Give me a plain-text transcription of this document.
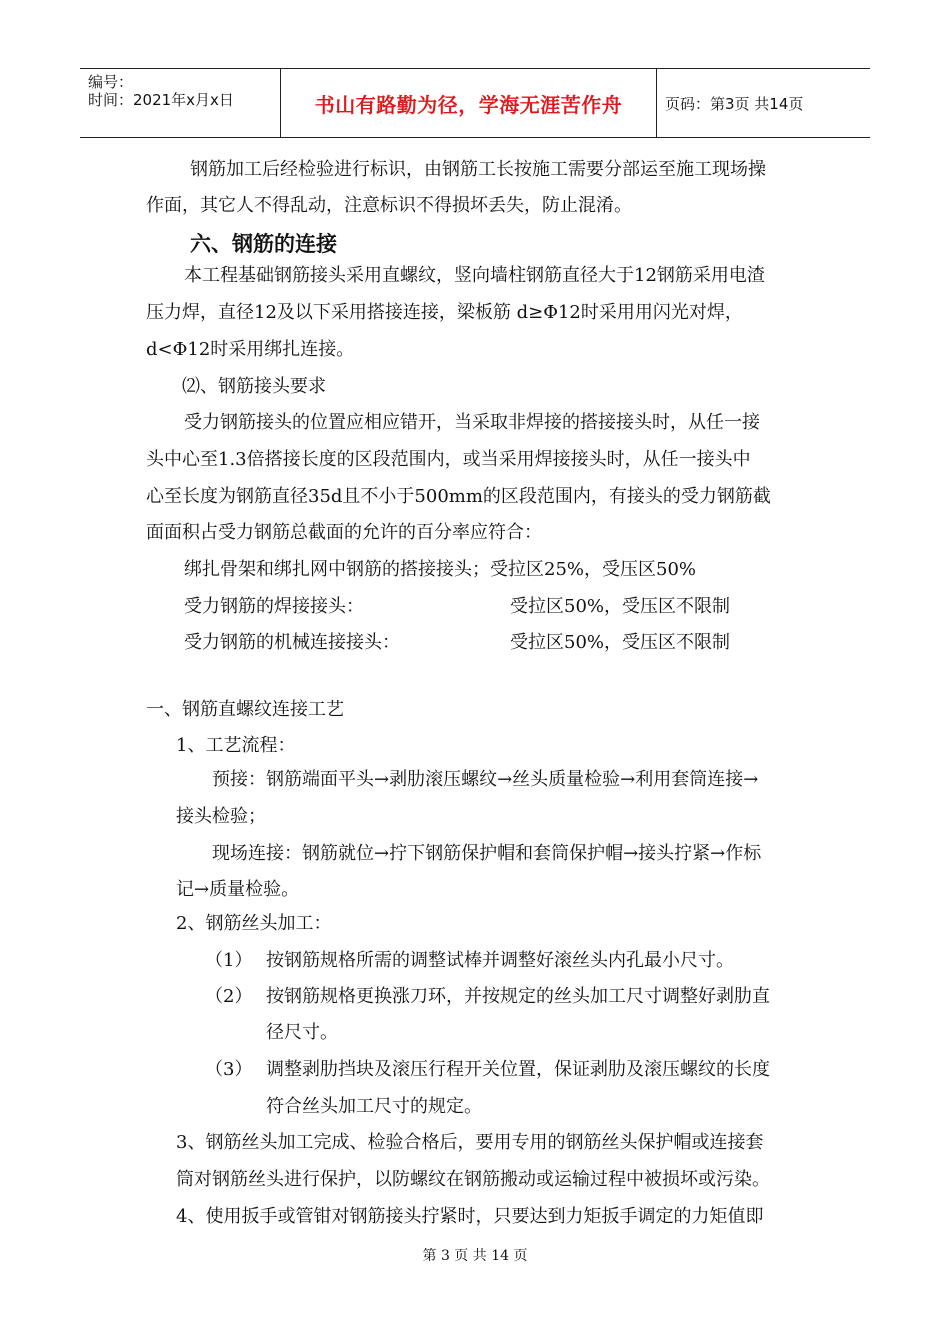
编号：
时间：2021年x月x日	书山有路勤为径，学海无涯苦作舟	页码：第3页 共14页
钢筋加工后经检验进行标识，由钢筋工长按施工需要分部运至施工现场操
作面，其它人不得乱动，注意标识不得损坏丢失，防止混淆。
六、钢筋的连接
本工程基础钢筋接头采用直螺纹，竖向墙柱钢筋直径大于12钢筋采用电渣
压力焊，直径12及以下采用搭接连接，梁板筋 d≥Φ12时采用用闪光对焊，
d<Φ12时采用绑扎连接。
⑵、钢筋接头要求
受力钢筋接头的位置应相应错开，当采取非焊接的搭接接头时，从任一接
头中心至1.3倍搭接长度的区段范围内，或当采用焊接接头时，从任一接头中
心至长度为钢筋直径35d且不小于500mm的区段范围内，有接头的受力钢筋截
面面积占受力钢筋总截面的允许的百分率应符合：
绑扎骨架和绑扎网中钢筋的搭接接头；受拉区25%，受压区50%
受力钢筋的焊接接头：	受拉区50%，受压区不限制
受力钢筋的机械连接接头：	受拉区50%，受压区不限制
一、钢筋直螺纹连接工艺
1、工艺流程：
预接：钢筋端面平头→剥肋滚压螺纹→丝头质量检验→利用套筒连接→
接头检验；
现场连接：钢筋就位→拧下钢筋保护帽和套筒保护帽→接头拧紧→作标
记→质量检验。
2、钢筋丝头加工：
（1） 按钢筋规格所需的调整试棒并调整好滚丝头内孔最小尺寸。
（2） 按钢筋规格更换涨刀环，并按规定的丝头加工尺寸调整好剥肋直
径尺寸。
（3） 调整剥肋挡块及滚压行程开关位置，保证剥肋及滚压螺纹的长度
符合丝头加工尺寸的规定。
3、钢筋丝头加工完成、检验合格后，要用专用的钢筋丝头保护帽或连接套
筒对钢筋丝头进行保护，以防螺纹在钢筋搬动或运输过程中被损坏或污染。
4、使用扳手或管钳对钢筋接头拧紧时，只要达到力矩扳手调定的力矩值即
第 3 页 共 14 页
